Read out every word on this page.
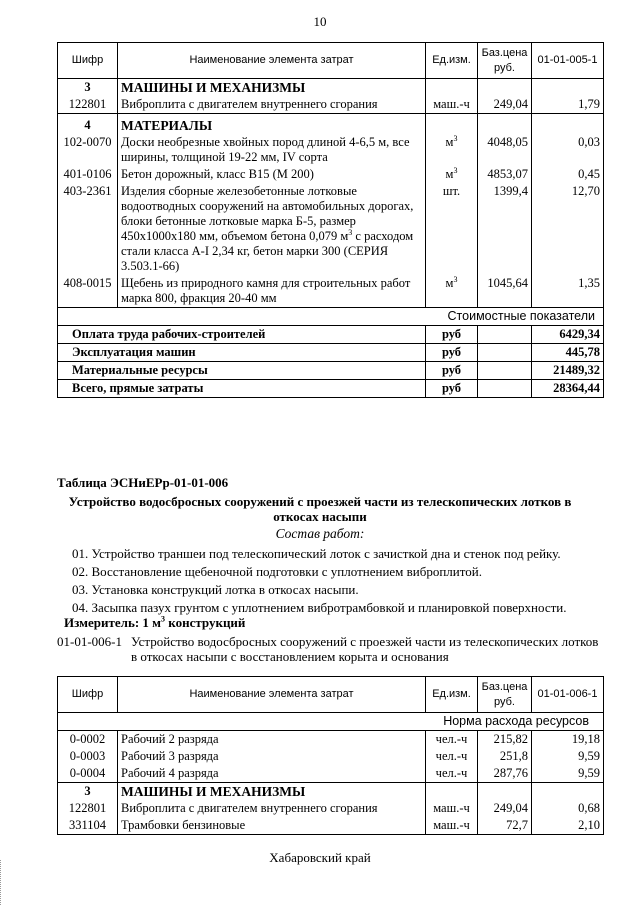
10
Шифр	Наименование элемента затрат	Ед.изм.	Баз.цена руб.	01-01-005-1
3	МАШИНЫ И МЕХАНИЗМЫ			
122801	Виброплита с двигателем внутреннего сгорания	маш.-ч	249,04	1,79
4	МАТЕРИАЛЫ			
102-0070	Доски необрезные хвойных пород длиной 4-6,5 м, все ширины, толщиной 19-22 мм, IV сорта	$м^3$	4048,05	0,03
401-0106	Бетон дорожный, класс В15 (М 200)	$м^3$	4853,07	0,45
403-2361	Изделия сборные железобетонные лотковые водоотводных сооружений на автомобильных дорогах, блоки бетонные лотковые марка Б-5, размер 450х1000х180 мм, объемом бетона 0,079 $м^3$ с расходом стали класса А-I 2,34 кг, бетон марки 300 (СЕРИЯ 3.503.1-66)	шт.	1399,4	12,70
408-0015	Щебень из природного камня для строительных работ марка 800, фракция 20-40 мм	$м^3$	1045,64	1,35
Стоимостные показатели				
Оплата труда рабочих-строителей		руб		6429,34
Эксплуатация машин		руб		445,78
Материальные ресурсы		руб		21489,32
Всего, прямые затраты		руб		28364,44
Таблица ЭСНиЕРр-01-01-006
Устройство водосбросных сооружений с проезжей части из телескопических лотков в
откосах насыпи
Состав работ:
01. Устройство траншеи под телескопический лоток с зачисткой дна и стенок под рейку.
02. Восстановление щебеночной подготовки с уплотнением виброплитой.
03. Установка конструкций лотка в откосах насыпи.
04. Засыпка пазух грунтом с уплотнением вибротрамбовкой и планировкой поверхности.
Измеритель: 1 $м^3$ конструкций
01-01-006-1 Устройство водосбросных сооружений с проезжей части из телескопических лотков в откосах насыпи с восстановлением корыта и основания
Шифр	Наименование элемента затрат	Ед.изм.	Баз.цена руб.	01-01-006-1
Норма расхода ресурсов				
0-0002	Рабочий 2 разряда	чел.-ч	215,82	19,18
0-0003	Рабочий 3 разряда	чел.-ч	251,8	9,59
0-0004	Рабочий 4 разряда	чел.-ч	287,76	9,59
3	МАШИНЫ И МЕХАНИЗМЫ			
122801	Виброплита с двигателем внутреннего сгорания	маш.-ч	249,04	0,68
331104	Трамбовки бензиновые	маш.-ч	72,7	2,10
Хабаровский край
